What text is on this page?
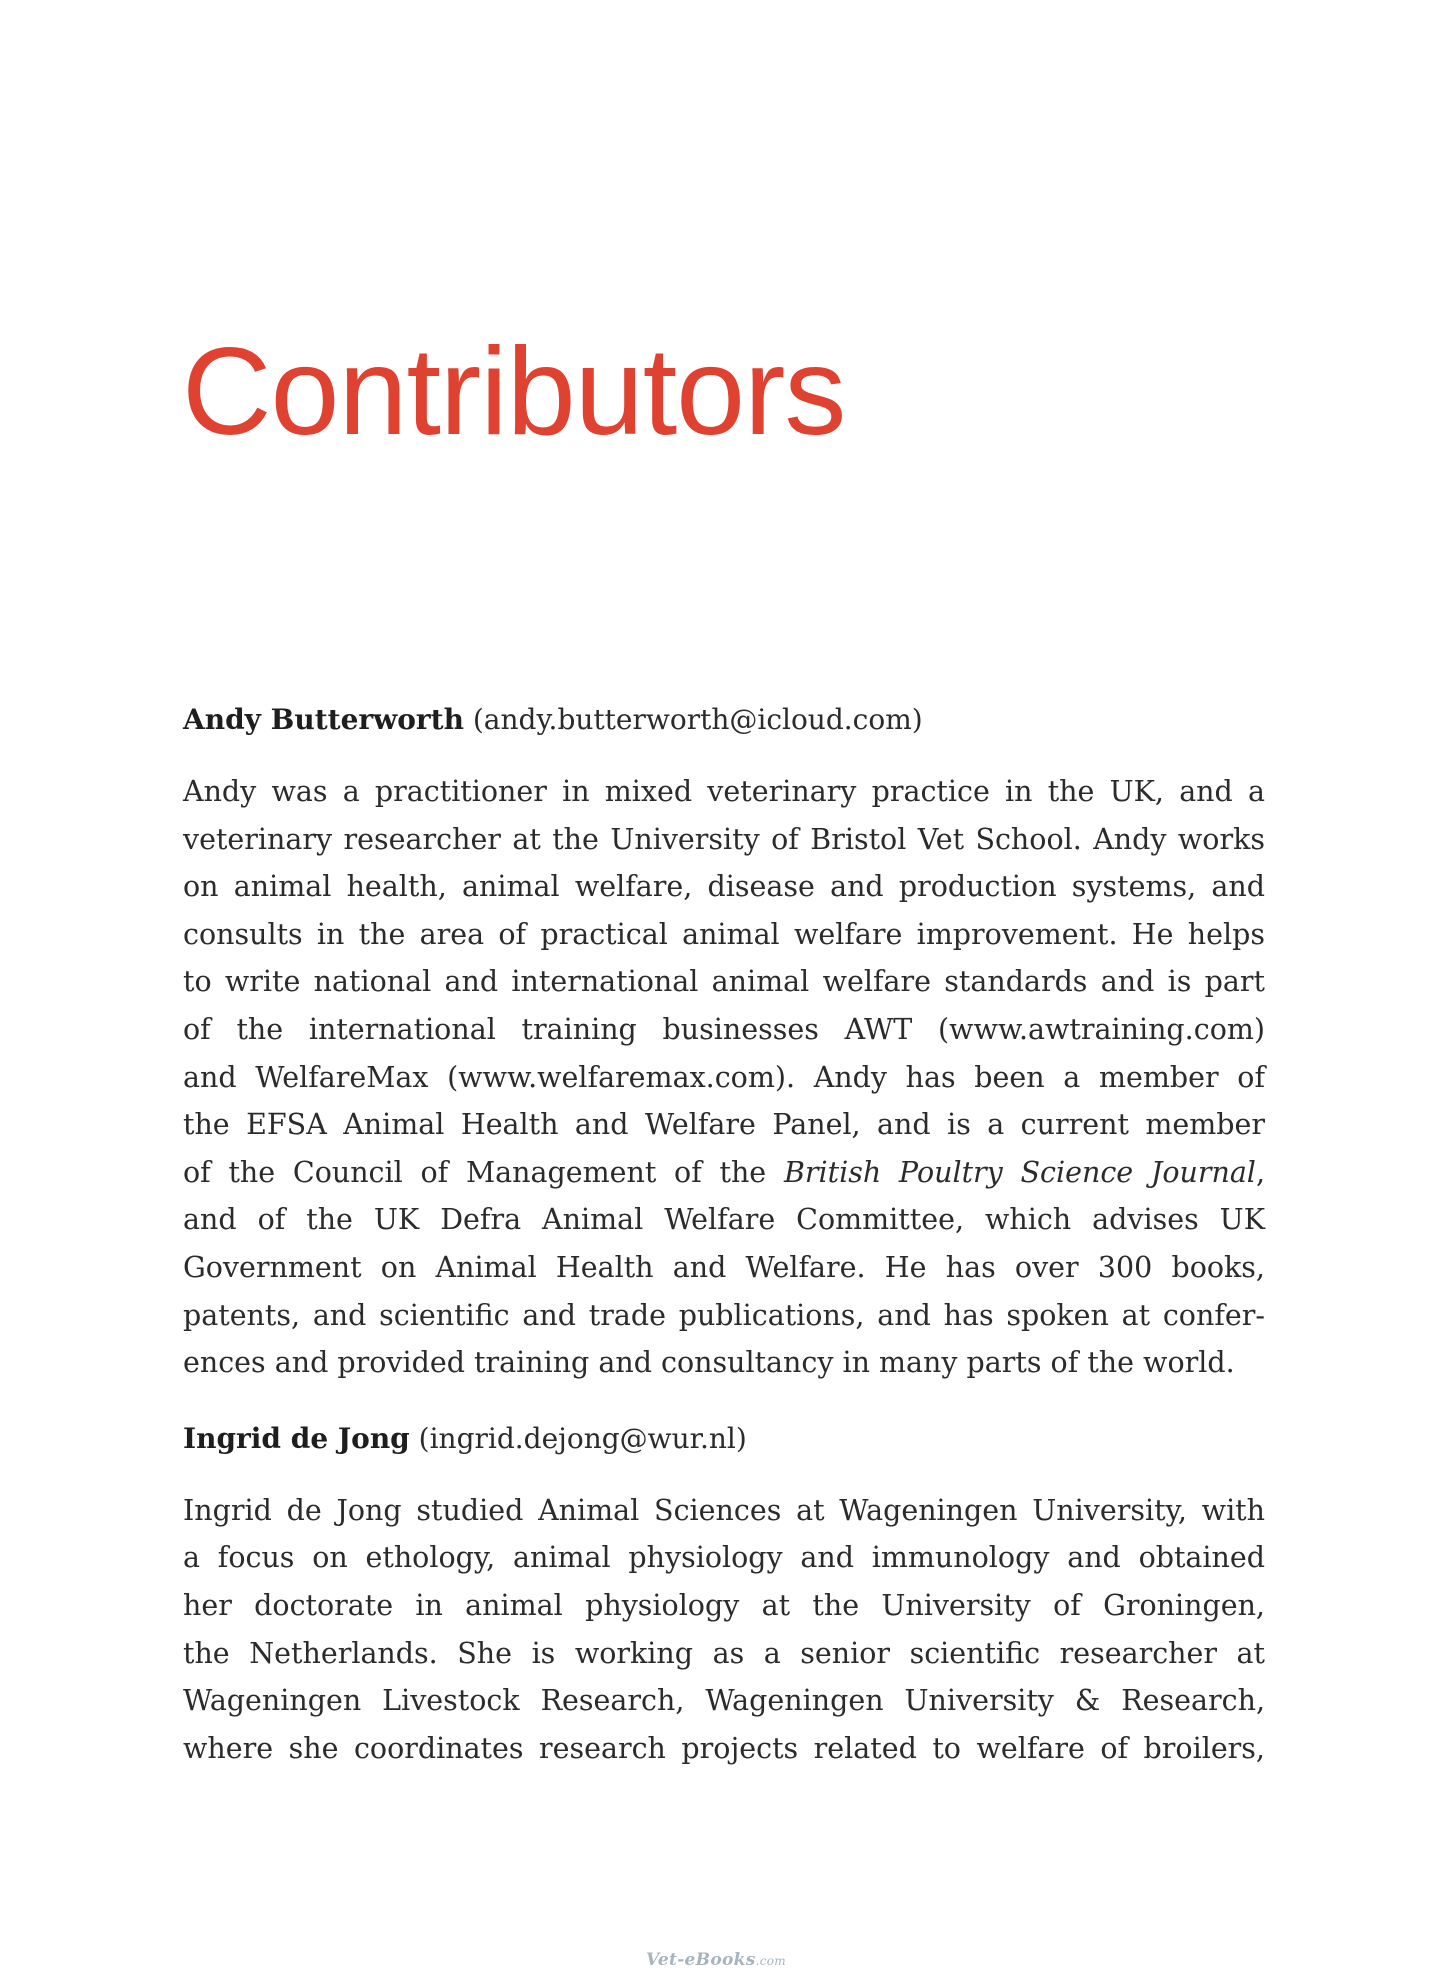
Contributors

Andy Butterworth (andy.butterworth@icloud.com)

Andy was a practitioner in mixed veterinary practice in the UK, and a
veterinary researcher at the University of Bristol Vet School. Andy works
on animal health, animal welfare, disease and production systems, and
consults in the area of practical animal welfare improvement. He helps
to write national and international animal welfare standards and is part
of the international training businesses AWT (www.awtraining.com)
and WelfareMax (www.welfaremax.com). Andy has been a member of
the EFSA Animal Health and Welfare Panel, and is a current member
of the Council of Management of the British Poultry Science Journal,
and of the UK Defra Animal Welfare Committee, which advises UK
Government on Animal Health and Welfare. He has over 300 books,
patents, and scientific and trade publications, and has spoken at confer-
ences and provided training and consultancy in many parts of the world.

Ingrid de Jong (ingrid.dejong@wur.nl)

Ingrid de Jong studied Animal Sciences at Wageningen University, with
a focus on ethology, animal physiology and immunology and obtained
her doctorate in animal physiology at the University of Groningen,
the Netherlands. She is working as a senior scientific researcher at
Wageningen Livestock Research, Wageningen University & Research,
where she coordinates research projects related to welfare of broilers,

Vet-eBooks.com
